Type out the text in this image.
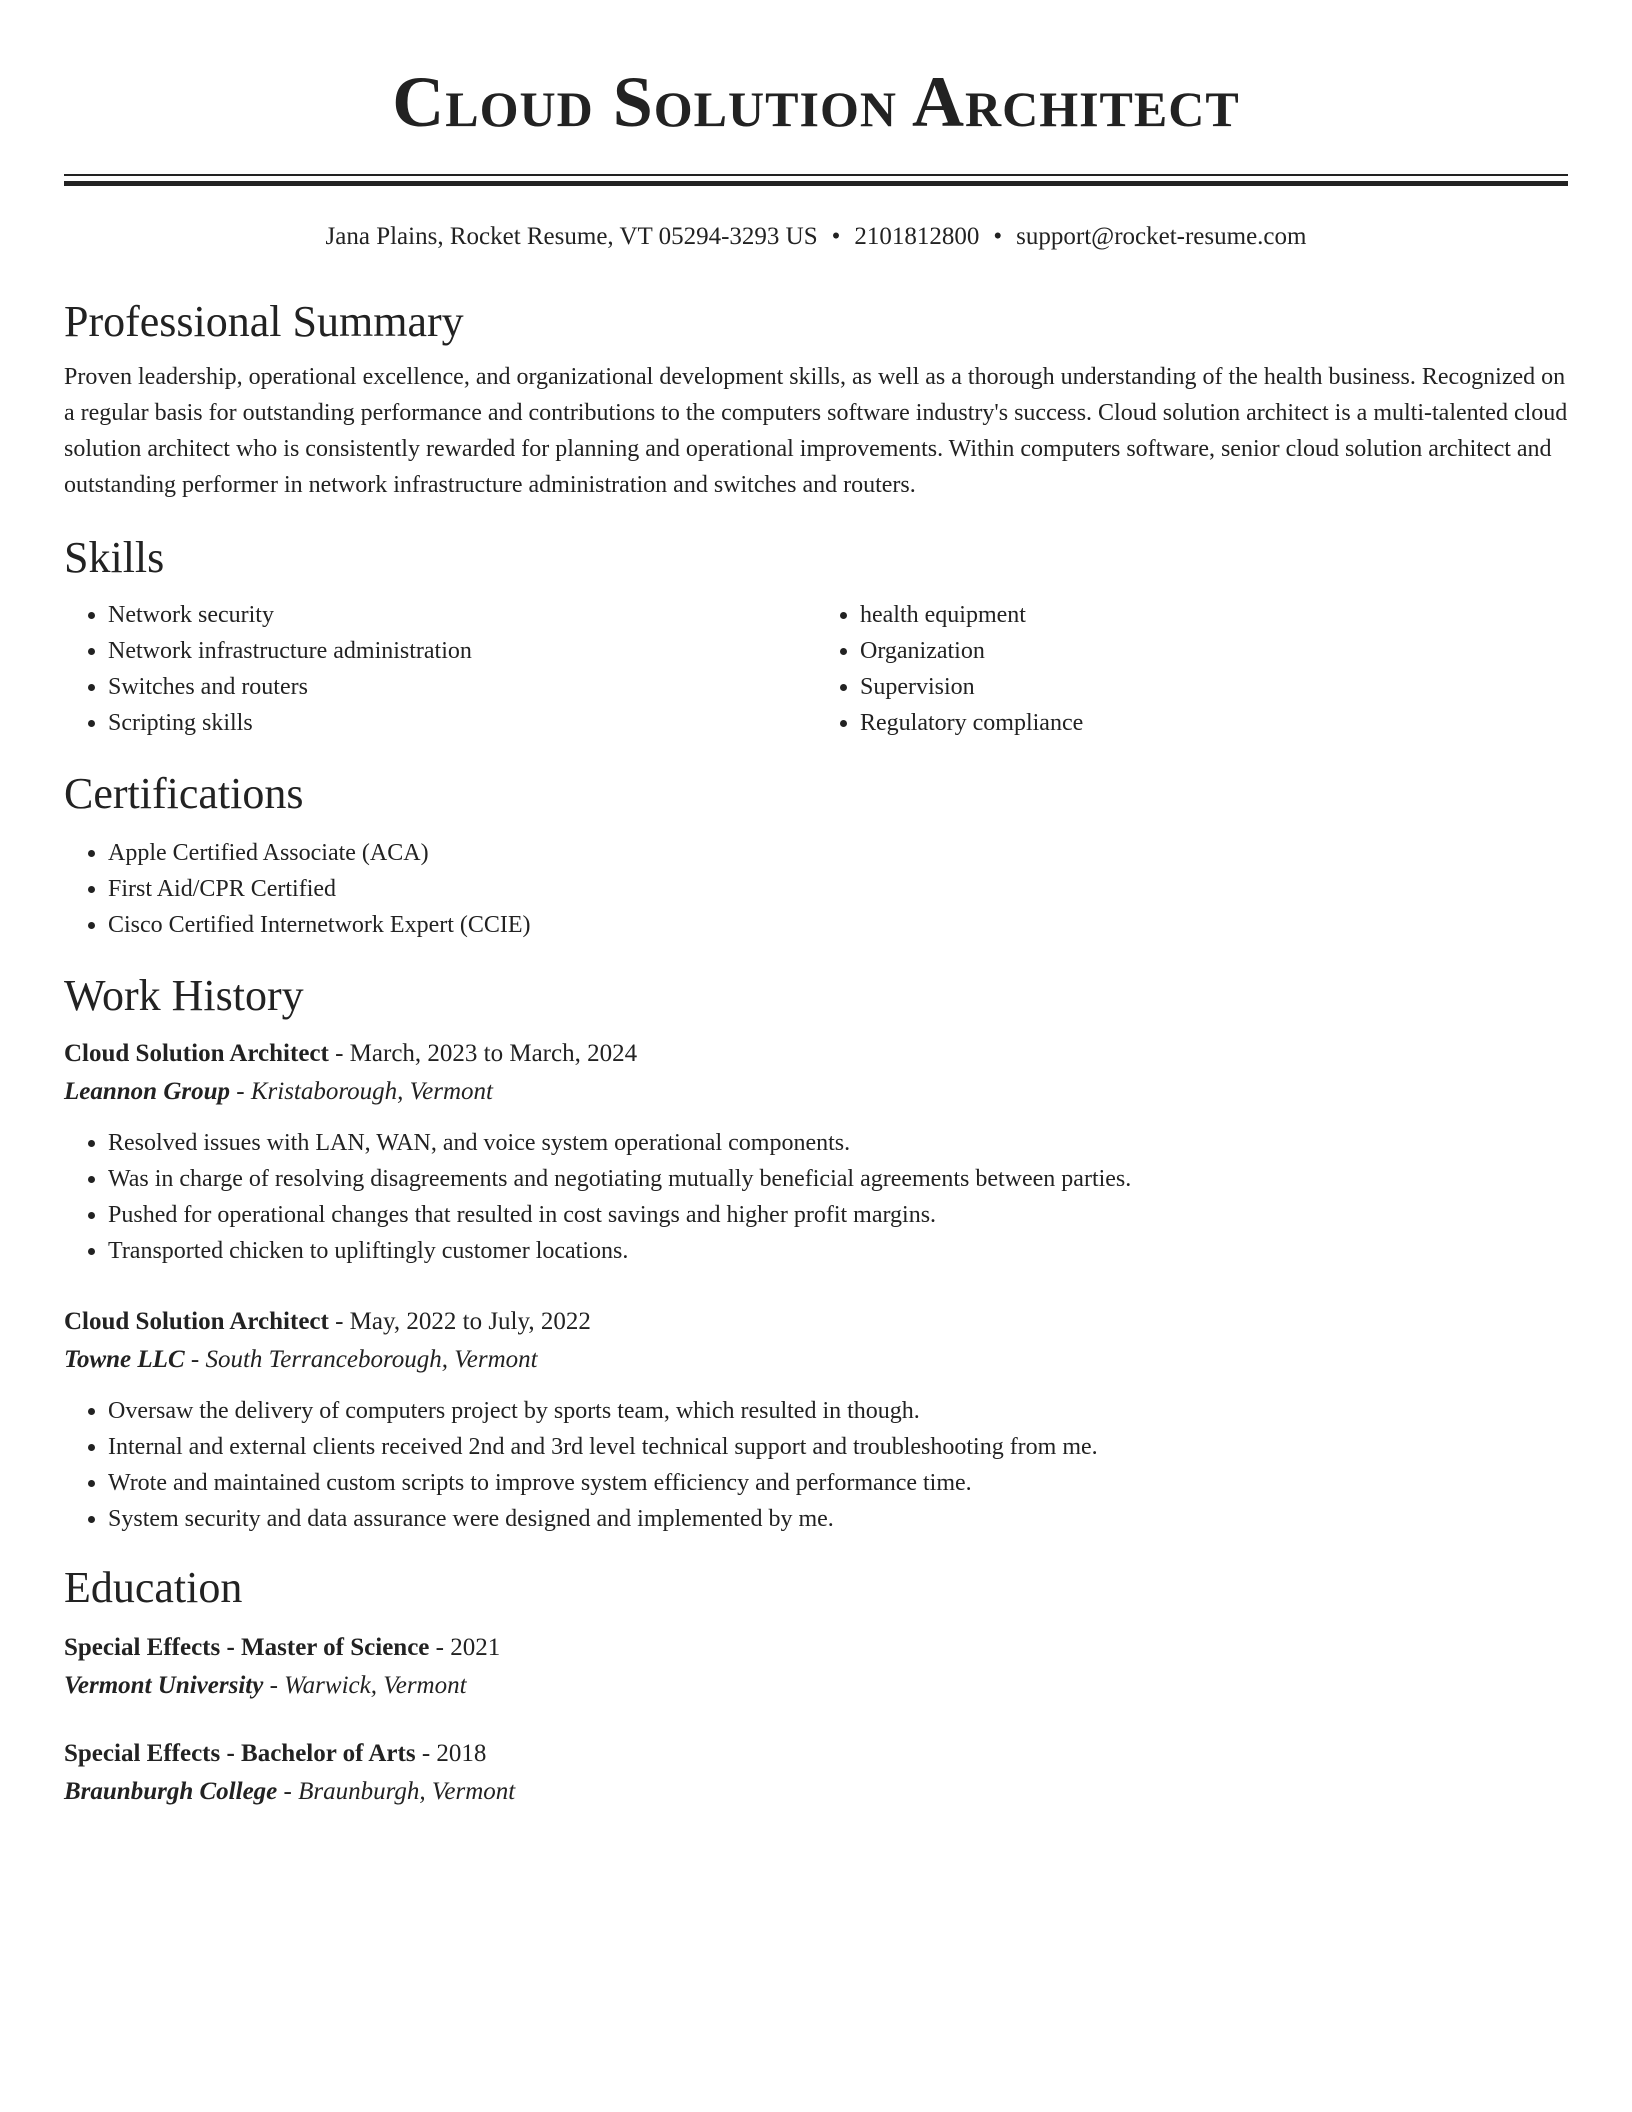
Cloud Solution Architect
Jana Plains, Rocket Resume, VT 05294-3293 US • 2101812800 • support@rocket-resume.com
Professional Summary

Proven leadership, operational excellence, and organizational development skills, as well as a thorough understanding of the health business. Recognized on a regular basis for outstanding performance and contributions to the computers software industry's success. Cloud solution architect is a multi-talented cloud solution architect who is consistently rewarded for planning and operational improvements. Within computers software, senior cloud solution architect and outstanding performer in network infrastructure administration and switches and routers.

Skills
• Network security
• Network infrastructure administration
• Switches and routers
• Scripting skills
• health equipment
• Organization
• Supervision
• Regulatory compliance
Certifications
• Apple Certified Associate (ACA)
• First Aid/CPR Certified
• Cisco Certified Internetwork Expert (CCIE)
Work History
Cloud Solution Architect - March, 2023 to March, 2024
Leannon Group - Kristaborough, Vermont
• Resolved issues with LAN, WAN, and voice system operational components.
• Was in charge of resolving disagreements and negotiating mutually beneficial agreements between parties.
• Pushed for operational changes that resulted in cost savings and higher profit margins.
• Transported chicken to upliftingly customer locations.
Cloud Solution Architect - May, 2022 to July, 2022
Towne LLC - South Terranceborough, Vermont
• Oversaw the delivery of computers project by sports team, which resulted in though.
• Internal and external clients received 2nd and 3rd level technical support and troubleshooting from me.
• Wrote and maintained custom scripts to improve system efficiency and performance time.
• System security and data assurance were designed and implemented by me.
Education
Special Effects - Master of Science - 2021
Vermont University - Warwick, Vermont
Special Effects - Bachelor of Arts - 2018
Braunburgh College - Braunburgh, Vermont
